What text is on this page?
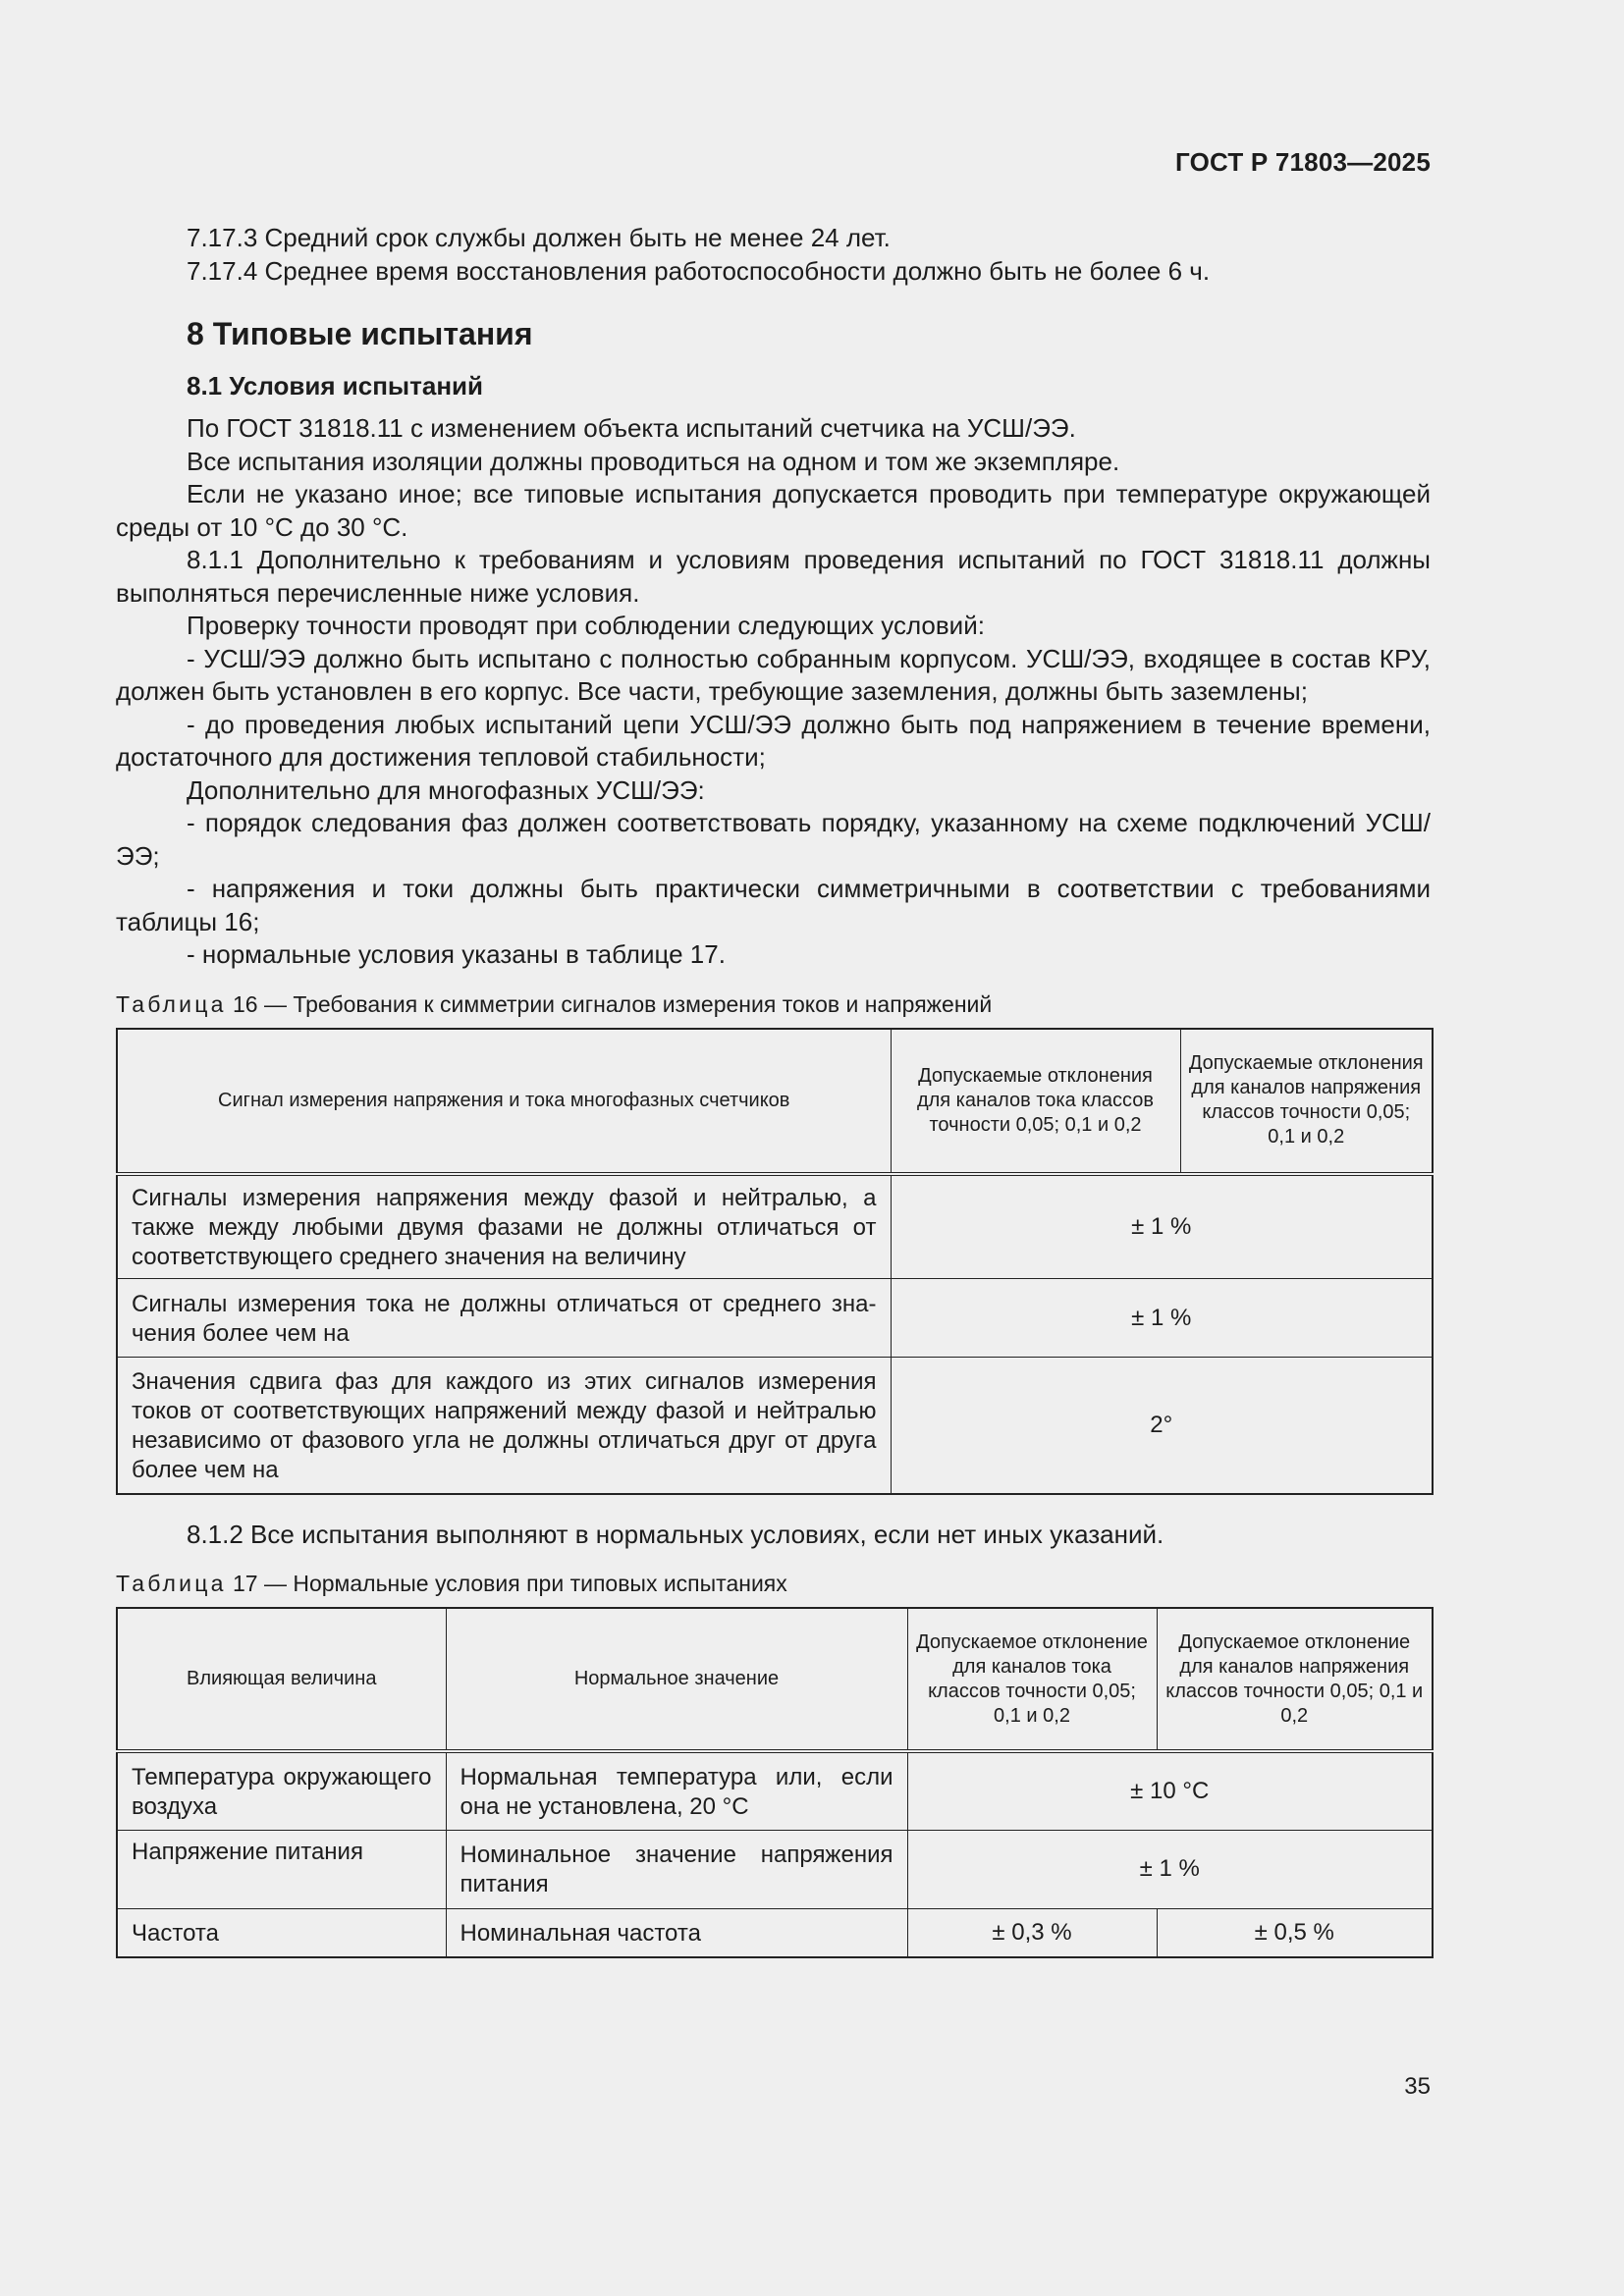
ГОСТ Р 71803—2025

7.17.3 Средний срок службы должен быть не менее 24 лет.

7.17.4 Среднее время восстановления работоспособности должно быть не более 6 ч.

8 Типовые испытания
8.1 Условия испытаний

По ГОСТ 31818.11 с изменением объекта испытаний счетчика на УСШ/ЭЭ.

Все испытания изоляции должны проводиться на одном и том же экземпляре.

Если не указано иное; все типовые испытания допускается проводить при температуре окружающей среды от 10 °С до 30 °С.

8.1.1 Дополнительно к требованиям и условиям проведения испытаний по ГОСТ 31818.11 должны выполняться перечисленные ниже условия.

Проверку точности проводят при соблюдении следующих условий:

- УСШ/ЭЭ должно быть испытано с полностью собранным корпусом. УСШ/ЭЭ, входящее в состав КРУ, должен быть установлен в его корпус. Все части, требующие заземления, должны быть заземлены;

- до проведения любых испытаний цепи УСШ/ЭЭ должно быть под напряжением в течение времени, достаточного для достижения тепловой стабильности;

Дополнительно для многофазных УСШ/ЭЭ:

- порядок следования фаз должен соответствовать порядку, указанному на схеме подключений УСШ/ЭЭ;

- напряжения и токи должны быть практически симметричными в соответствии с требованиями таблицы 16;

- нормальные условия указаны в таблице 17.

Таблица 16 — Требования к симметрии сигналов измерения токов и напряжений
Сигнал измерения напряжения и тока многофазных счетчиков	Допускаемые отклонения для каналов тока классов точности 0,05; 0,1 и 0,2	Допускаемые отклонения для каналов напряжения классов точности 0,05; 0,1 и 0,2
Сигналы измерения напряжения между фазой и нейтралью, а также между любыми двумя фазами не должны отличаться от соответствующего среднего значения на величину	± 1 %	
Сигналы измерения тока не должны отличаться от среднего значения более чем на	± 1 %	
Значения сдвига фаз для каждого из этих сигналов измерения токов от соответствующих напряжений между фазой и нейтралью независимо от фазового угла не должны отличаться друг от друга более чем на	2°	

8.1.2 Все испытания выполняют в нормальных условиях, если нет иных указаний.

Таблица 17 — Нормальные условия при типовых испытаниях
Влияющая величина	Нормальное значение	Допускаемое отклонение для каналов тока классов точности 0,05; 0,1 и 0,2	Допускаемое отклонение для каналов напряжения классов точности 0,05; 0,1 и 0,2
Температура окружающего воздуха	Нормальная температура или, если она не установлена, 20 °С	± 10 °С	
Напряжение питания	Номинальное значение напряжения питания	± 1 %	
Частота	Номинальная частота	± 0,3 %	± 0,5 %
35
